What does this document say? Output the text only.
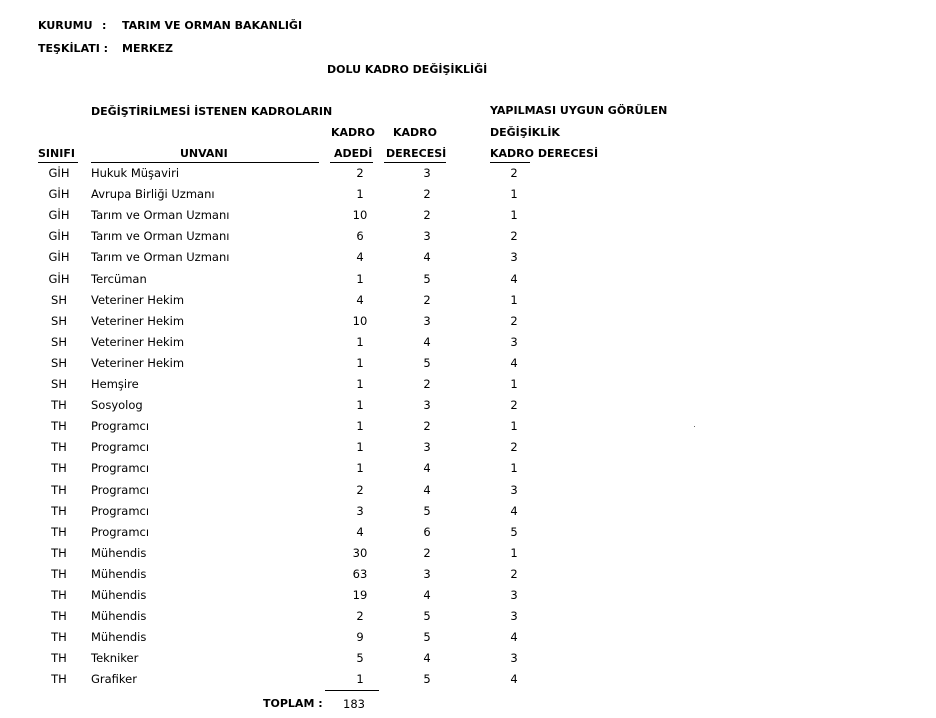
KURUMU : TARIM VE ORMAN BAKANLIĞI
TEŞKİLATI : MERKEZ
DOLU KADRO DEĞİŞİKLİĞİ
DEĞİŞTİRİLMESİ İSTENEN KADROLARIN	YAPILMASI UYGUN GÖRÜLEN
DEĞİŞİKLİK
KADRO KADRO
SINIFI	UNVANI	ADEDİ DERECESİ	KADRO DERECESİ
GİH	Hukuk Müşaviri	2	3	2
GİH	Avrupa Birliği Uzmanı	1	2	1
GİH	Tarım ve Orman Uzmanı	10	2	1
GİH	Tarım ve Orman Uzmanı	6	3	2
GİH	Tarım ve Orman Uzmanı	4	4	3
GİH	Tercüman	1	5	4
SH	Veteriner Hekim	4	2	1
SH	Veteriner Hekim	10	3	2
SH	Veteriner Hekim	1	4	3
SH	Veteriner Hekim	1	5	4
SH	Hemşire	1	2	1
TH	Sosyolog	1	3	2
TH	Programcı	1	2	1
TH	Programcı	1	3	2
TH	Programcı	1	4	1
TH	Programcı	2	4	3
TH	Programcı	3	5	4
TH	Programcı	4	6	5
TH	Mühendis	30	2	1
TH	Mühendis	63	3	2
TH	Mühendis	19	4	3
TH	Mühendis	2	5	3
TH	Mühendis	9	5	4
TH	Tekniker	5	4	3
TH	Grafiker	1	5	4
TOPLAM :	183
